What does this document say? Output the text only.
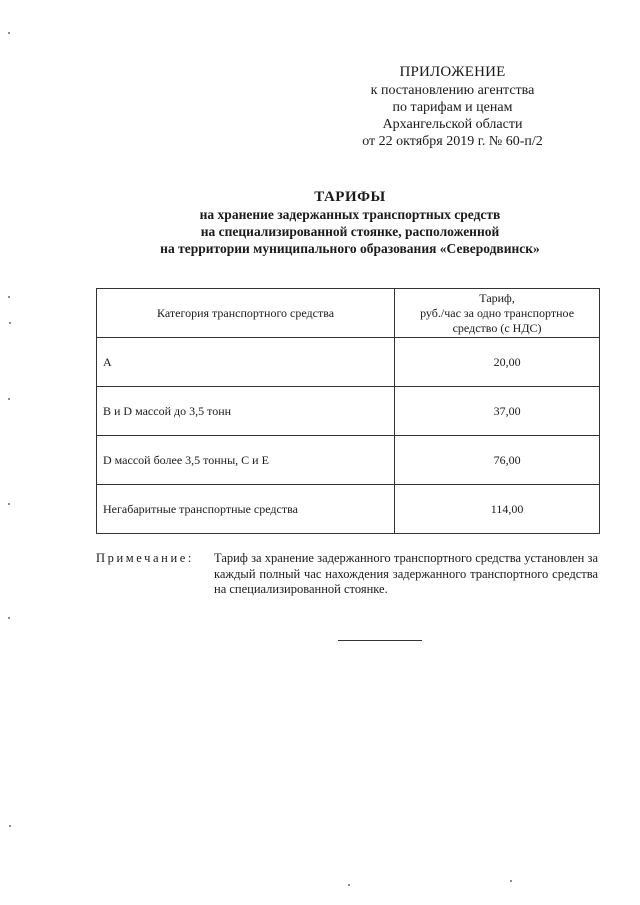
ПРИЛОЖЕНИЕ
к постановлению агентства
по тарифам и ценам
Архангельской области
от 22 октября 2019 г. № 60-п/2
ТАРИФЫ
на хранение задержанных транспортных средств
на специализированной стоянке, расположенной
на территории муниципального образования «Северодвинск»
Категория транспортного средства	Тариф,
руб./час за одно транспортное
средство (с НДС)

А	20,00
В и D массой до 3,5 тонн	37,00
D массой более 3,5 тонны, С и Е	76,00
Негабаритные транспортные средства	114,00
Примечание: Тариф за хранение задержанного транспортного средства установлен за каждый полный час нахождения задержанного транспортного средства на специализированной стоянке.
